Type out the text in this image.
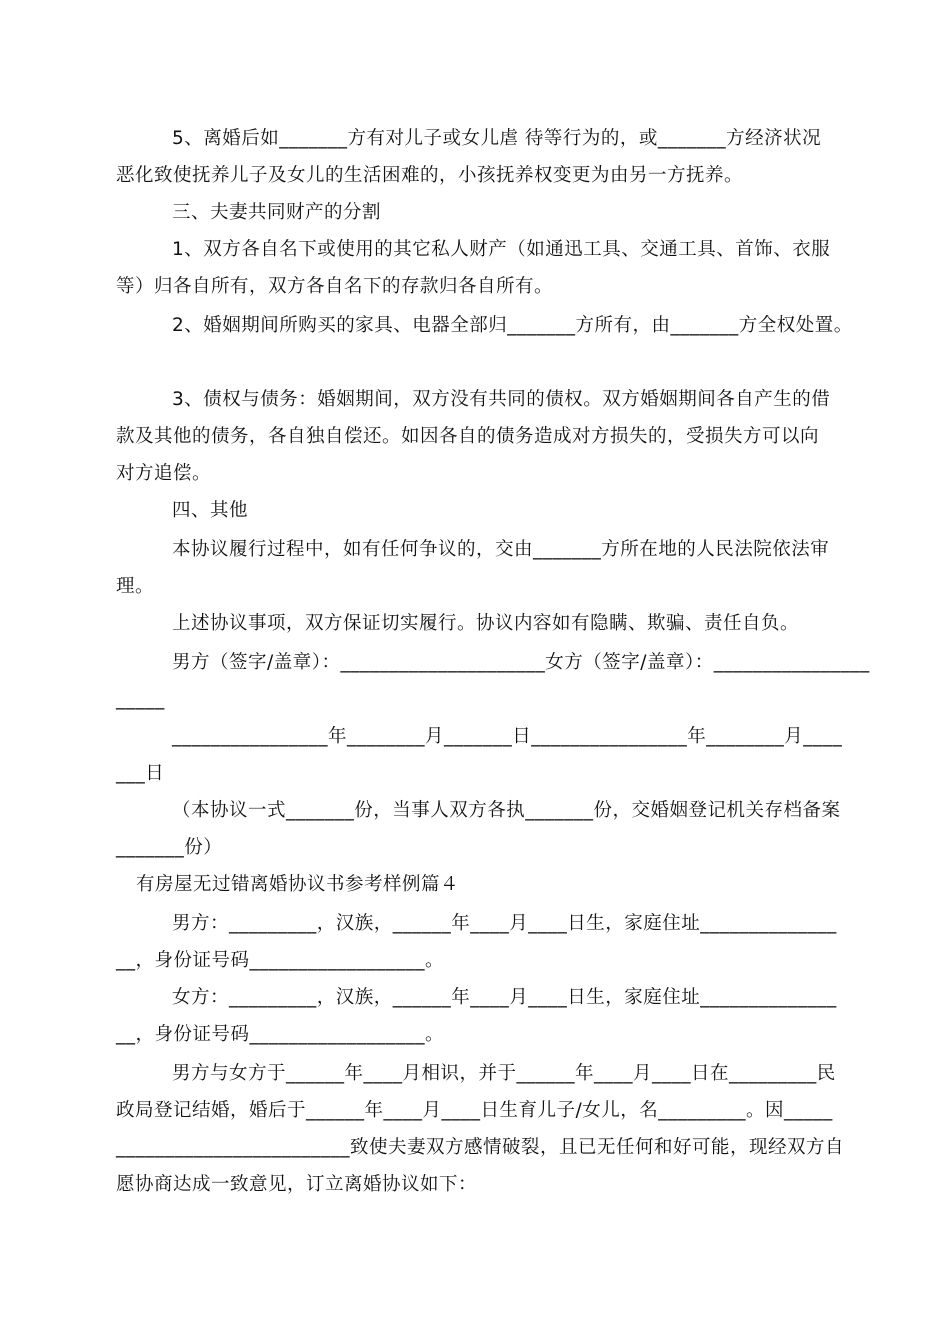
5、离婚后如_______方有对儿子或女儿虐 待等行为的，或_______方经济状况
恶化致使抚养儿子及女儿的生活困难的，小孩抚养权变更为由另一方抚养。
三、夫妻共同财产的分割
1、双方各自名下或使用的其它私人财产（如通迅工具、交通工具、首饰、衣服
等）归各自所有，双方各自名下的存款归各自所有。
2、婚姻期间所购买的家具、电器全部归_______方所有，由_______方全权处置。
3、债权与债务：婚姻期间，双方没有共同的债权。双方婚姻期间各自产生的借
款及其他的债务，各自独自偿还。如因各自的债务造成对方损失的，受损失方可以向
对方追偿。
四、其他
本协议履行过程中，如有任何争议的，交由_______方所在地的人民法院依法审
理。
上述协议事项，双方保证切实履行。协议内容如有隐瞒、欺骗、责任自负。
男方（签字/盖章）：_____________________女方（签字/盖章）：________________
_____
________________年________月_______日________________年________月____
___日
（本协议一式_______份，当事人双方各执_______份，交婚姻登记机关存档备案
_______份）
有房屋无过错离婚协议书参考样例篇４
男方：_________，汉族，______年____月____日生，家庭住址______________
__，身份证号码__________________。
女方：_________，汉族，______年____月____日生，家庭住址______________
__，身份证号码__________________。
男方与女方于______年____月相识，并于______年____月____日在_________民
政局登记结婚，婚后于______年____月____日生育儿子/女儿，名_________。因_____
________________________致使夫妻双方感情破裂，且已无任何和好可能，现经双方自
愿协商达成一致意见，订立离婚协议如下：
